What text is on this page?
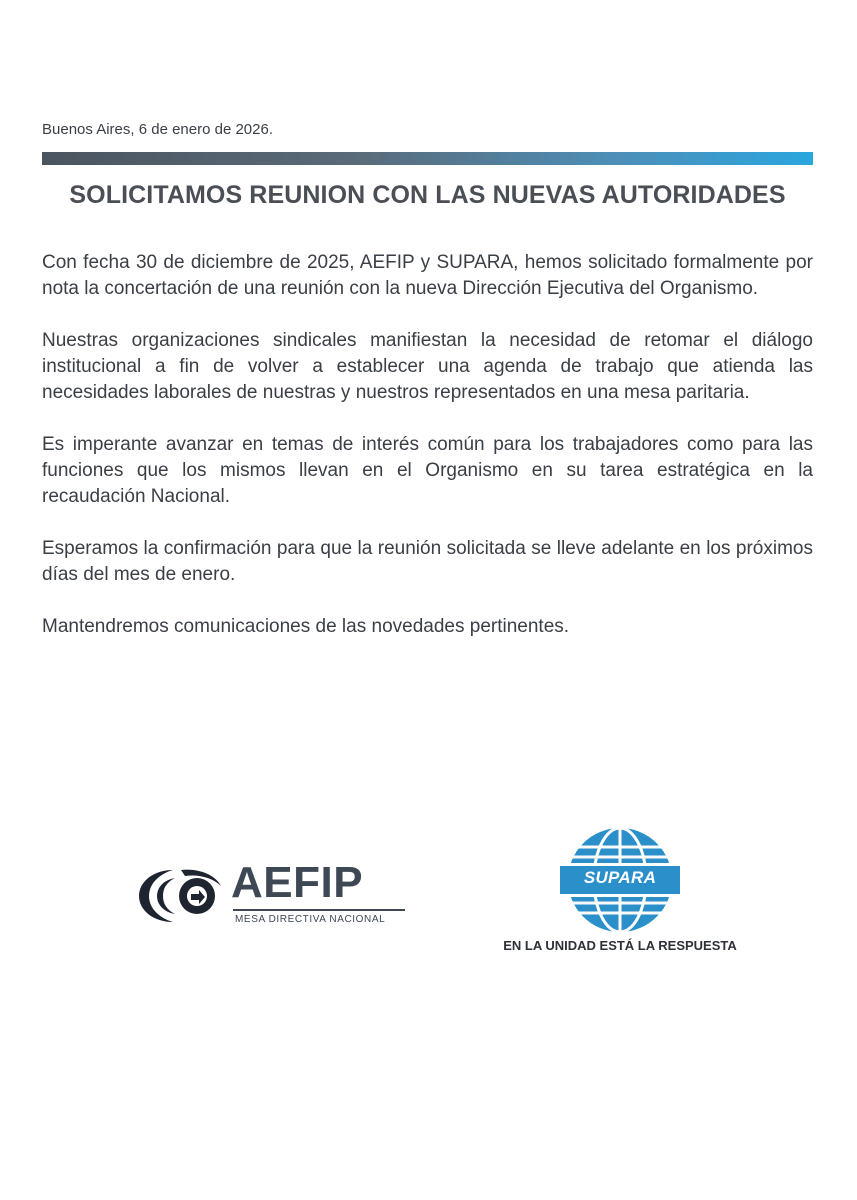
Buenos Aires, 6 de enero de 2026.
SOLICITAMOS REUNION CON LAS NUEVAS AUTORIDADES

Con fecha 30 de diciembre de 2025, AEFIP y SUPARA, hemos solicitado formalmente por nota la concertación de una reunión con la nueva Dirección Ejecutiva del Organismo.

Nuestras organizaciones sindicales manifiestan la necesidad de retomar el diálogo institucional a fin de volver a establecer una agenda de trabajo que atienda las necesidades laborales de nuestras y nuestros representados en una mesa paritaria.

Es imperante avanzar en temas de interés común para los trabajadores como para las funciones que los mismos llevan en el Organismo en su tarea estratégica en la recaudación Nacional.

Esperamos la confirmación para que la reunión solicitada se lleve adelante en los próximos días del mes de enero.

Mantendremos comunicaciones de las novedades pertinentes.

AEFIP
MESA DIRECTIVA NACIONAL
SUPARA
EN LA UNIDAD ESTÁ LA RESPUESTA
